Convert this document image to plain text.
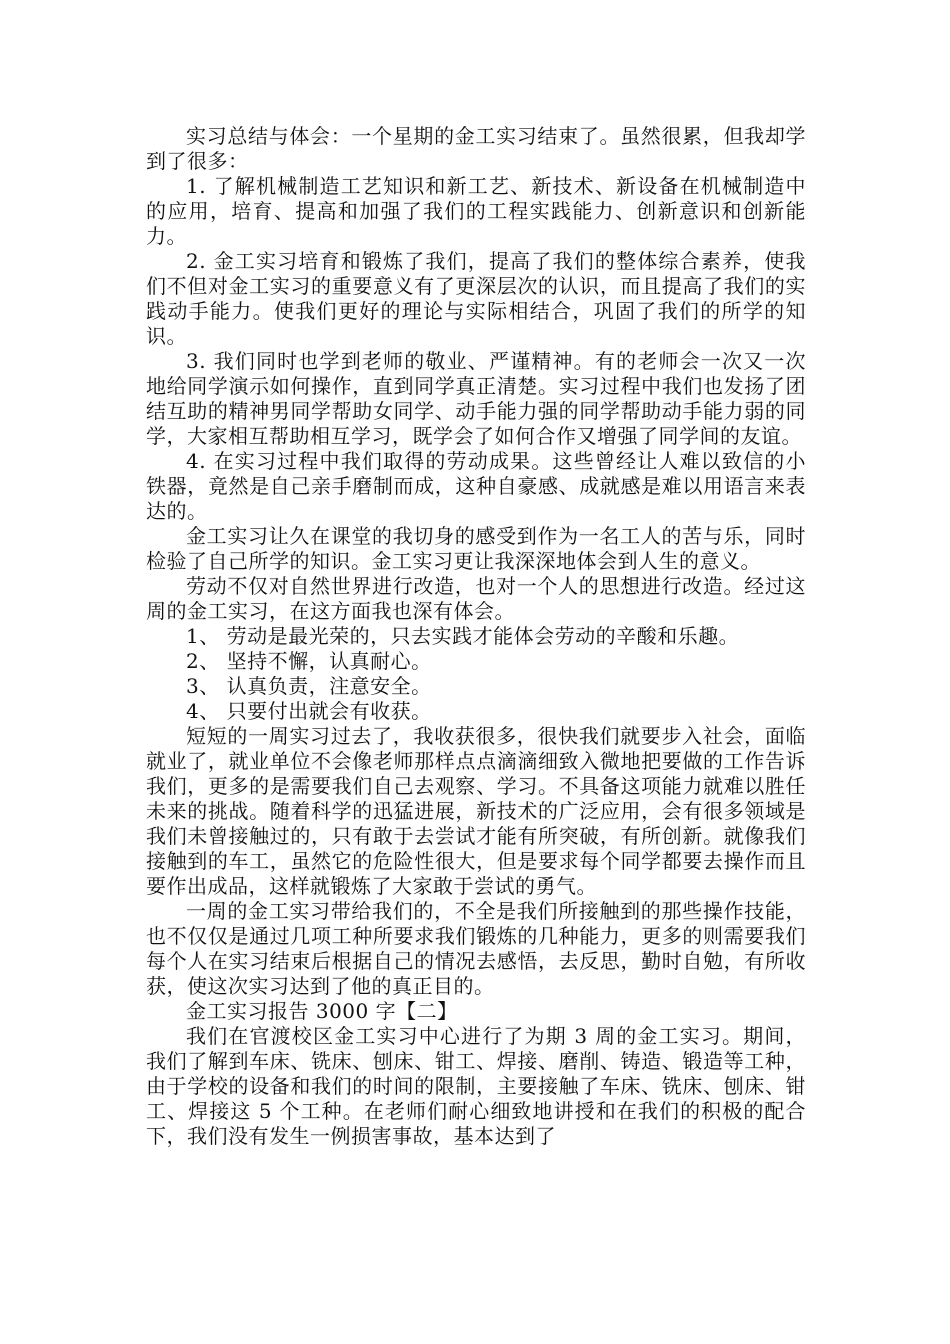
实习总结与体会：一个星期的金工实习结束了。虽然很累，但我却学到了很多：

1. 了解机械制造工艺知识和新工艺、新技术、新设备在机械制造中的应用，培育、提高和加强了我们的工程实践能力、创新意识和创新能力。

2. 金工实习培育和锻炼了我们，提高了我们的整体综合素养，使我们不但对金工实习的重要意义有了更深层次的认识，而且提高了我们的实践动手能力。使我们更好的理论与实际相结合，巩固了我们的所学的知识。

3. 我们同时也学到老师的敬业、严谨精神。有的老师会一次又一次地给同学演示如何操作，直到同学真正清楚。实习过程中我们也发扬了团结互助的精神男同学帮助女同学、动手能力强的同学帮助动手能力弱的同学，大家相互帮助相互学习，既学会了如何合作又增强了同学间的友谊。

4. 在实习过程中我们取得的劳动成果。这些曾经让人难以致信的小铁器，竟然是自己亲手磨制而成，这种自豪感、成就感是难以用语言来表达的。

金工实习让久在课堂的我切身的感受到作为一名工人的苦与乐，同时检验了自己所学的知识。金工实习更让我深深地体会到人生的意义。

劳动不仅对自然世界进行改造，也对一个人的思想进行改造。经过这周的金工实习，在这方面我也深有体会。

1、 劳动是最光荣的，只去实践才能体会劳动的辛酸和乐趣。

2、 坚持不懈，认真耐心。

3、 认真负责，注意安全。

4、 只要付出就会有收获。

短短的一周实习过去了，我收获很多，很快我们就要步入社会，面临就业了，就业单位不会像老师那样点点滴滴细致入微地把要做的工作告诉我们，更多的是需要我们自己去观察、学习。不具备这项能力就难以胜任未来的挑战。随着科学的迅猛进展，新技术的广泛应用，会有很多领域是我们未曾接触过的，只有敢于去尝试才能有所突破，有所创新。就像我们接触到的车工，虽然它的危险性很大，但是要求每个同学都要去操作而且要作出成品，这样就锻炼了大家敢于尝试的勇气。

一周的金工实习带给我们的，不全是我们所接触到的那些操作技能，也不仅仅是通过几项工种所要求我们锻炼的几种能力，更多的则需要我们每个人在实习结束后根据自己的情况去感悟，去反思，勤时自勉，有所收获，使这次实习达到了他的真正目的。

金工实习报告 3000 字【二】

我们在官渡校区金工实习中心进行了为期 3 周的金工实习。期间，我们了解到车床、铣床、刨床、钳工、焊接、磨削、铸造、锻造等工种，由于学校的设备和我们的时间的限制，主要接触了车床、铣床、刨床、钳工、焊接这 5 个工种。在老师们耐心细致地讲授和在我们的积极的配合下，我们没有发生一例损害事故，基本达到了
